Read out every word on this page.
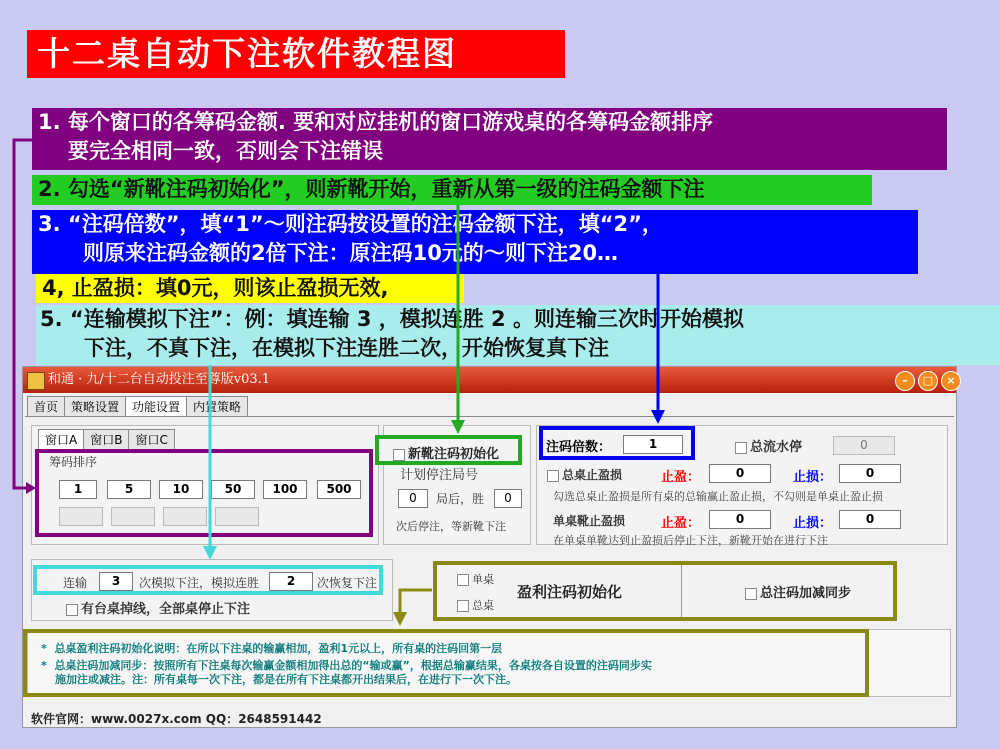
十二桌自动下注软件教程图
1. 每个窗口的各筹码金额. 要和对应挂机的窗口游戏桌的各筹码金额排序
要完全相同一致，否则会下注错误
2. 勾选“新靴注码初始化”，则新靴开始，重新从第一级的注码金额下注
3. “注码倍数”，填“1”～则注码按设置的注码金额下注，填“2”，
则原来注码金额的2倍下注：原注码10元的～则下注20…
4, 止盈损：填0元，则该止盈损无效,
5. “连输模拟下注”：例：填连输 3 ，模拟连胜 2 。则连输三次时开始模拟
下注，不真下注，在模拟下注连胜二次，开始恢复真下注
和通 · 九/十二台自动投注至尊版v03.1	–	□	×
首页 策略设置 功能设置 内置策略
窗口A 窗口B 窗口C
筹码排序
1	5	10	50	100	500
计划停注局号
0	局后，胜	0
次后停注，等新靴下注
新靴注码初始化	总流水停	0
总桌止盈损	止盈：	0	止损：	0
勾选总桌止盈损是所有桌的总输赢止盈止损，不勾则是单桌止盈止损
单桌靴止盈损	止盈：	0	止损：	0
在单桌单靴达到止盈损后停止下注，新靴开始在进行下注
注码倍数：	1
有台桌掉线，全部桌停止下注
连输	3	次模拟下注，模拟连胜	2	次恢复下注	单桌
总桌
盈利注码初始化	总注码加减同步
* 总桌盈利注码初始化说明：在所以下注桌的输赢相加，盈利1元以上，所有桌的注码回第一层
* 总桌注码加减同步：按照所有下注桌每次输赢金额相加得出总的“输或赢”，根据总输赢结果，各桌按各自设置的注码同步实
施加注或减注。注：所有桌每一次下注，都是在所有下注桌都开出结果后，在进行下一次下注。
软件官网：www.0027x.com QQ：2648591442
